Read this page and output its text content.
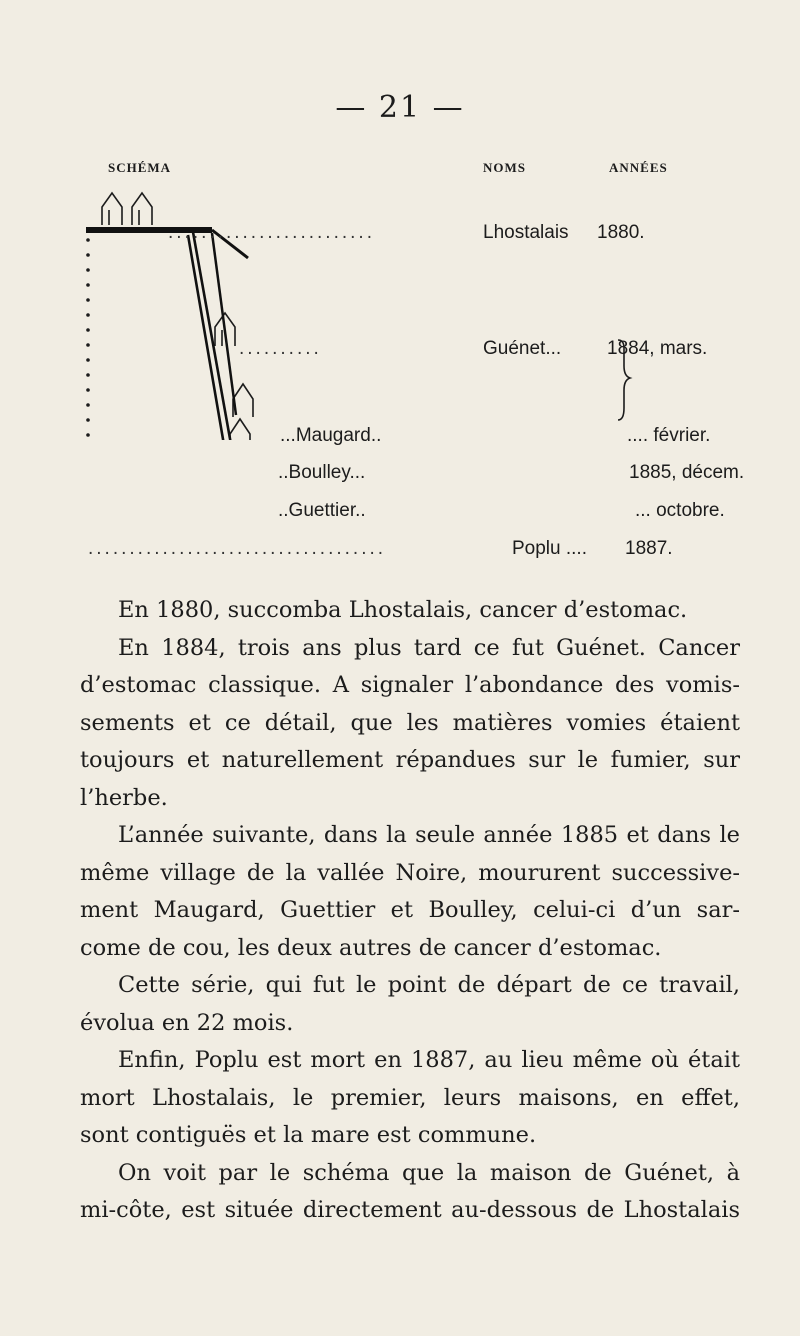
— 21 —
SCHÉMA	NOMS	ANNÉES
.........................	Lhostalais 1880.
..........	Guénet... 1884, mars.
...Maugard..	.... février.
..Boulley...	1885, décem.
..Guettier..	... octobre.
....................................	Poplu .... 1887.

En 1880, succomba Lhostalais, cancer d’estomac.

En 1884, trois ans plus tard ce fut Guénet. Cancer
d’estomac classique. A signaler l’abondance des vomis-
sements et ce détail, que les matières vomies étaient
toujours et naturellement répandues sur le fumier, sur
l’herbe.

L’année suivante, dans la seule année 1885 et dans le
même village de la vallée Noire, moururent successive-
ment Maugard, Guettier et Boulley, celui-ci d’un sar-
come de cou, les deux autres de cancer d’estomac.

Cette série, qui fut le point de départ de ce travail,
évolua en 22 mois.

Enfin, Poplu est mort en 1887, au lieu même où était
mort Lhostalais, le premier, leurs maisons, en effet,
sont contiguës et la mare est commune.

On voit par le schéma que la maison de Guénet, à
mi-côte, est située directement au-dessous de Lhostalais
